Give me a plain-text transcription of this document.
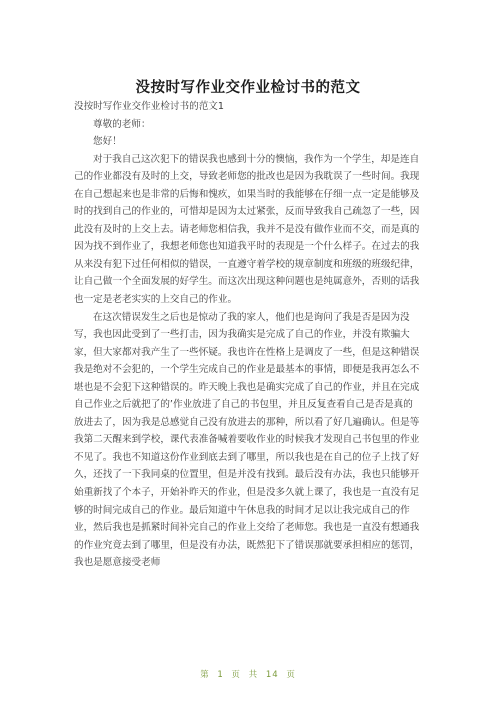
没按时写作业交作业检讨书的范文

没按时写作业交作业检讨书的范文1

尊敬的老师：

您好！

对于我自己这次犯下的错误我也感到十分的懊恼，我作为一个学生，却是连自己的作业都没有及时的上交，导致老师您的批改也是因为我耽误了一些时间。我现在自己想起来也是非常的后悔和愧疚，如果当时的我能够在仔细一点一定是能够及时的找到自己的作业的，可惜却是因为太过紧张，反而导致我自己疏忽了一些，因此没有及时的上交上去。请老师您相信我，我并不是没有做作业而不交，而是真的因为找不到作业了，我想老师您也知道我平时的表现是一个什么样子。在过去的我从来没有犯下过任何相似的错误，一直遵守着学校的规章制度和班级的班级纪律，让自己做一个全面发展的好学生。而这次出现这种问题也是纯属意外，否则的话我也一定是老老实实的上交自己的作业。

在这次错误发生之后也是惊动了我的家人，他们也是询问了我是否是因为没写，我也因此受到了一些打击，因为我确实是完成了自己的作业，并没有欺骗大家，但大家都对我产生了一些怀疑。我也许在性格上是调皮了一些，但是这种错误我是绝对不会犯的，一个学生完成自己的作业是最基本的事情，即便是我再怎么不堪也是不会犯下这种错误的。昨天晚上我也是确实完成了自己的作业，并且在完成自己作业之后就把了的’作业放进了自己的书包里，并且反复查看自己是否是真的放进去了，因为我是总感觉自己没有放进去的那种，所以看了好几遍确认。但是等我第二天醒来到学校，课代表准备喊着要收作业的时候我才发现自己书包里的作业不见了。我也不知道这份作业到底去到了哪里，所以我也是在自己的位子上找了好久，还找了一下我同桌的位置里，但是并没有找到。最后没有办法，我也只能够开始重新找了个本子，开始补昨天的作业，但是没多久就上课了，我也是一直没有足够的时间完成自己的作业。最后知道中午休息我的时间才足以让我完成自己的作业，然后我也是抓紧时间补完自己的作业上交给了老师您。我也是一直没有想通我的作业究竟去到了哪里，但是没有办法，既然犯下了错误那就要承担相应的惩罚，我也是愿意接受老师

第 1 页 共 14 页
